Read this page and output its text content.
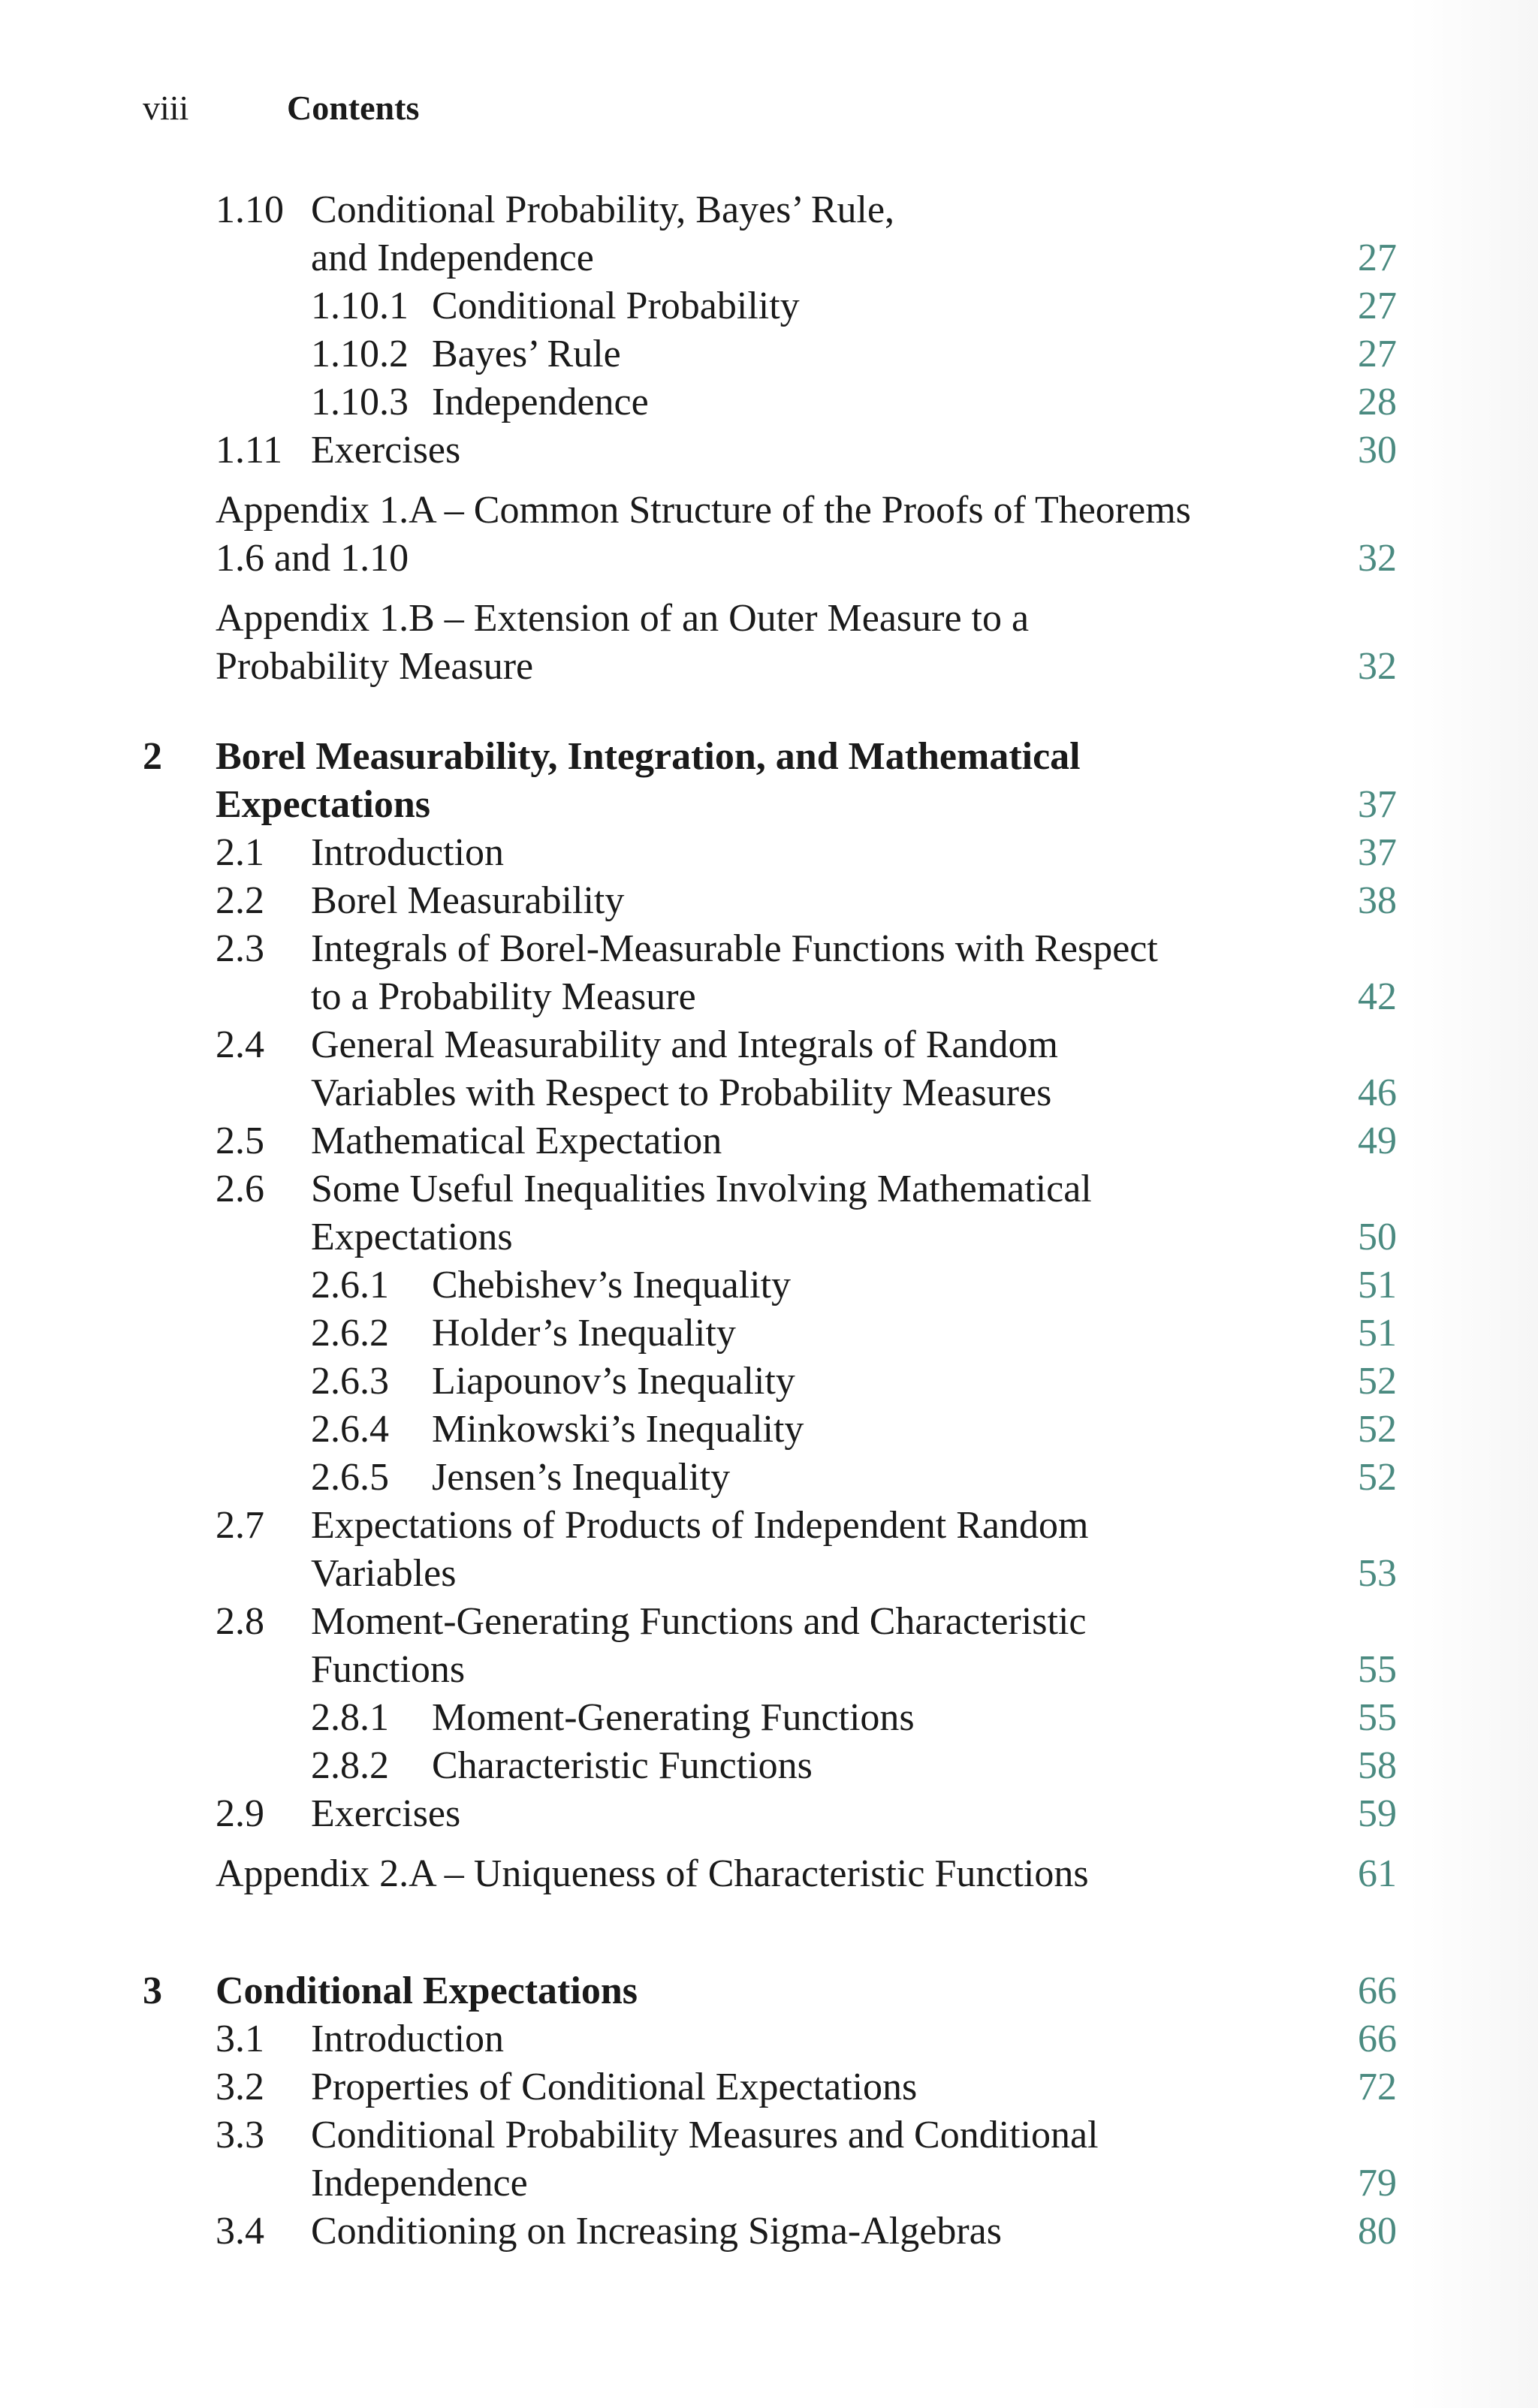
viii	Contents
1.10 Conditional Probability, Bayes’ Rule,
and Independence	27
1.10.1 Conditional Probability	27
1.10.2 Bayes’ Rule	27
1.10.3 Independence	28
1.11 Exercises	30
Appendix 1.A – Common Structure of the Proofs of Theorems
1.6 and 1.10	32
Appendix 1.B – Extension of an Outer Measure to a
Probability Measure	32
2 Borel Measurability, Integration, and Mathematical
Expectations	37
2.1 Introduction	37
2.2 Borel Measurability	38
2.3 Integrals of Borel-Measurable Functions with Respect
to a Probability Measure	42
2.4 General Measurability and Integrals of Random
Variables with Respect to Probability Measures	46
2.5 Mathematical Expectation	49
2.6 Some Useful Inequalities Involving Mathematical
Expectations	50
2.6.1 Chebishev’s Inequality	51
2.6.2 Holder’s Inequality	51
2.6.3 Liapounov’s Inequality	52
2.6.4 Minkowski’s Inequality	52
2.6.5 Jensen’s Inequality	52
2.7 Expectations of Products of Independent Random
Variables	53
2.8 Moment-Generating Functions and Characteristic
Functions	55
2.8.1 Moment-Generating Functions	55
2.8.2 Characteristic Functions	58
2.9 Exercises	59
Appendix 2.A – Uniqueness of Characteristic Functions	61
3 Conditional Expectations	66
3.1 Introduction	66
3.2 Properties of Conditional Expectations	72
3.3 Conditional Probability Measures and Conditional
Independence	79
3.4 Conditioning on Increasing Sigma-Algebras	80
